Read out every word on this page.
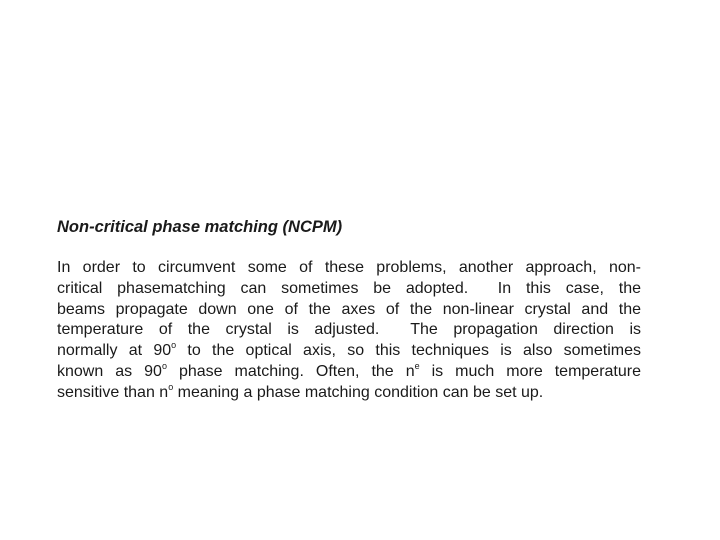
Non-critical phase matching (NCPM)
In order to circumvent some of these problems, another approach, non-
critical phasematching can sometimes be adopted.  In this case, the
beams propagate down one of the axes of the non-linear crystal and the
temperature of the crystal is adjusted.  The propagation direction is
normally at 90$^o$ to the optical axis, so this techniques is also sometimes
known as 90$^o$ phase matching. Often, the $n^e$ is much more temperature
sensitive than $n^o$ meaning a phase matching condition can be set up.
